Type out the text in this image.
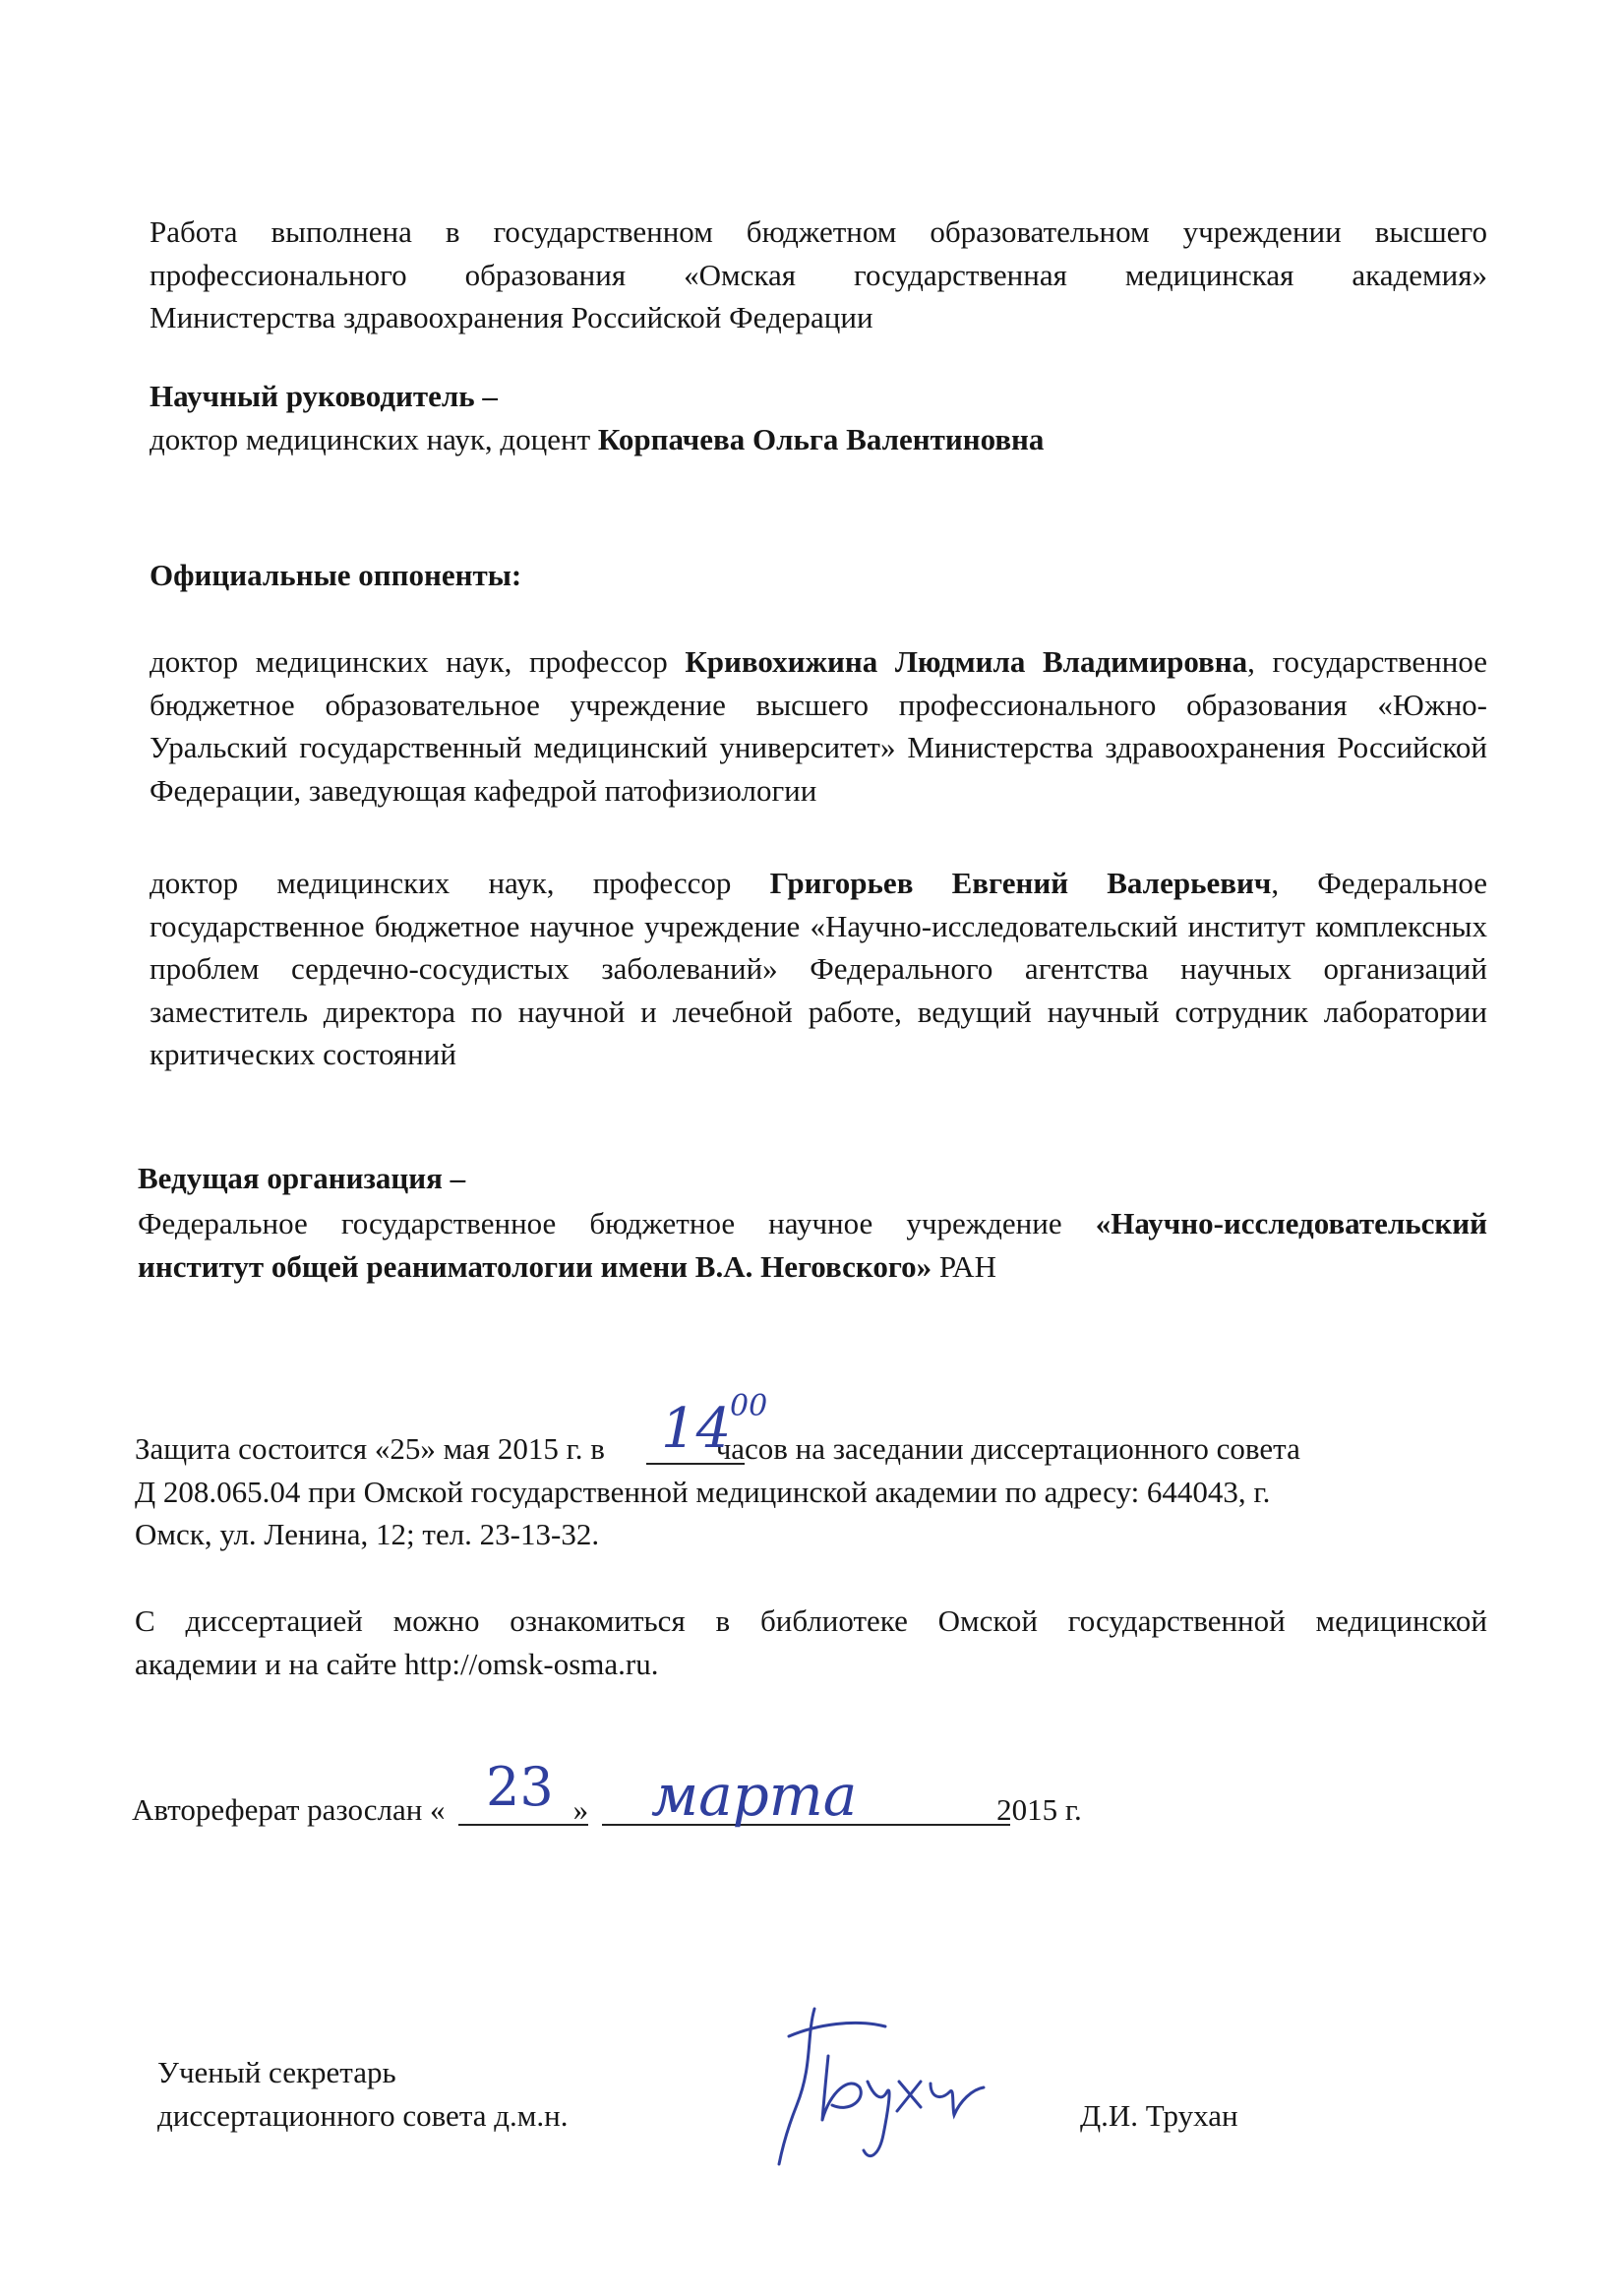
Работа выполнена в государственном бюджетном образовательном учреждении высшего
профессионального образования «Омская государственная медицинская академия»
Министерства здравоохранения Российской Федерации
Научный руководитель –
доктор медицинских наук, доцент Корпачева Ольга Валентиновна
Официальные оппоненты:

доктор медицинских наук, профессор Кривохижина Людмила Владимировна, государственное бюджетное образовательное учреждение высшего профессионального образования «Южно-Уральский государственный медицинский университет» Министерства здравоохранения Российской Федерации, заведующая кафедрой патофизиологии

доктор медицинских наук, профессор Григорьев Евгений Валерьевич, Федеральное государственное бюджетное научное учреждение «Научно-исследовательский институт комплексных проблем сердечно-сосудистых заболеваний» Федерального агентства научных организаций заместитель директора по научной и лечебной работе, ведущий научный сотрудник лаборатории критических состояний

Ведущая организация –

Федеральное государственное бюджетное научное учреждение «Научно-исследовательский институт общей реаниматологии имени В.А. Неговского» РАН

Защита состоится «25» мая 2015 г. в	часов на заседании диссертационного совета
Д 208.065.04 при Омской государственной медицинской академии по адресу: 644043, г.
Омск, ул. Ленина, 12; тел. 23-13-32.
14
00
С диссертацией можно ознакомиться в библиотеке Омской государственной медицинской
академии и на сайте http://omsk-osma.ru.
Автореферат разослан «	»	2015 г.
23 марта
Ученый секретарь
диссертационного совета д.м.н.	Д.И. Трухан
